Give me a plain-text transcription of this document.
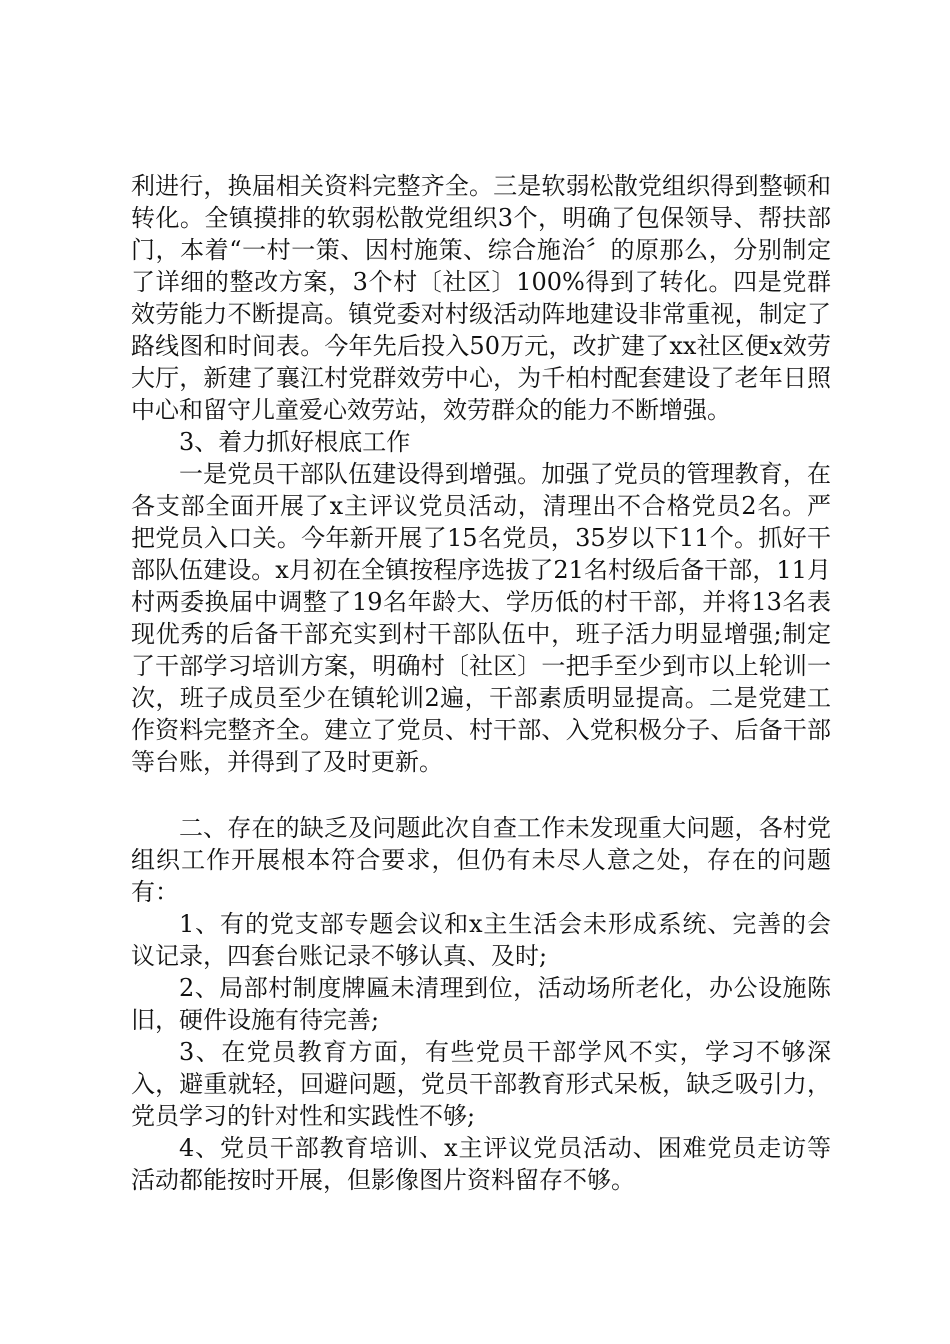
利进行，换届相关资料完整齐全。三是软弱松散党组织得到整顿和转化。全镇摸排的软弱松散党组织3个，明确了包保领导、帮扶部门，本着“一村一策、因村施策、综合施治〞的原那么，分别制定了详细的整改方案，3个村〔社区〕100%得到了转化。四是党群效劳能力不断提高。镇党委对村级活动阵地建设非常重视，制定了路线图和时间表。今年先后投入50万元，改扩建了xx社区便x效劳大厅，新建了襄江村党群效劳中心，为千柏村配套建设了老年日照中心和留守儿童爱心效劳站，效劳群众的能力不断增强。

3、着力抓好根底工作

一是党员干部队伍建设得到增强。加强了党员的管理教育，在各支部全面开展了x主评议党员活动，清理出不合格党员2名。严把党员入口关。今年新开展了15名党员，35岁以下11个。抓好干部队伍建设。x月初在全镇按程序选拔了21名村级后备干部，11月村两委换届中调整了19名年龄大、学历低的村干部，并将13名表现优秀的后备干部充实到村干部队伍中，班子活力明显增强;制定了干部学习培训方案，明确村〔社区〕一把手至少到市以上轮训一次，班子成员至少在镇轮训2遍，干部素质明显提高。二是党建工作资料完整齐全。建立了党员、村干部、入党积极分子、后备干部等台账，并得到了及时更新。

二、存在的缺乏及问题此次自查工作未发现重大问题，各村党组织工作开展根本符合要求，但仍有未尽人意之处，存在的问题有：

1、有的党支部专题会议和x主生活会未形成系统、完善的会议记录，四套台账记录不够认真、及时;

2、局部村制度牌匾未清理到位，活动场所老化，办公设施陈旧，硬件设施有待完善;

3、在党员教育方面，有些党员干部学风不实，学习不够深入，避重就轻，回避问题，党员干部教育形式呆板，缺乏吸引力，党员学习的针对性和实践性不够;

4、党员干部教育培训、x主评议党员活动、困难党员走访等活动都能按时开展，但影像图片资料留存不够。
